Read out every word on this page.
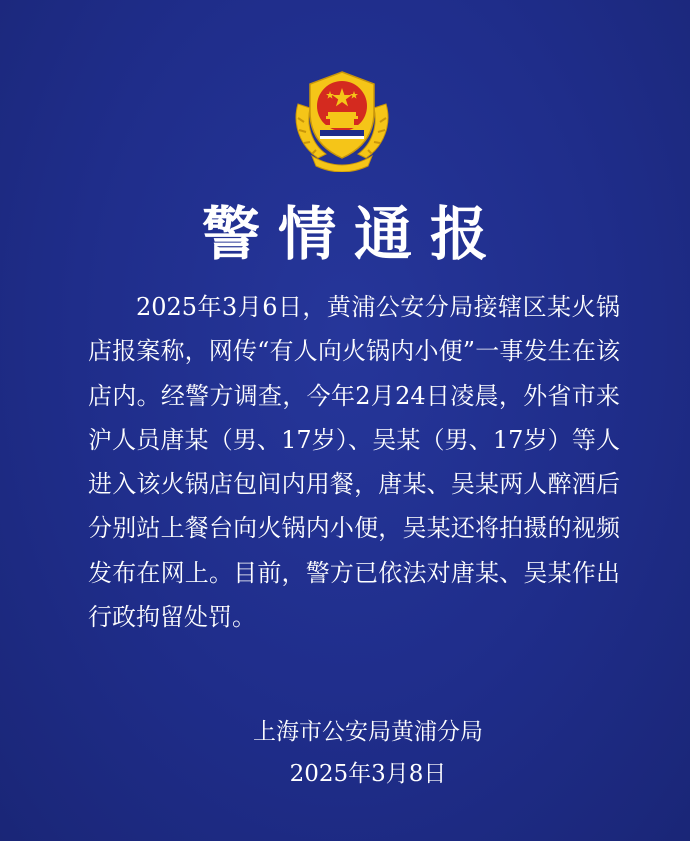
警情通报

2025年3月6日，黄浦公安分局接辖区某火锅店报案称，网传“有人向火锅内小便”一事发生在该店内。经警方调查，今年2月24日凌晨，外省市来沪人员唐某（男、17岁）、吴某（男、17岁）等人进入该火锅店包间内用餐，唐某、吴某两人醉酒后分别站上餐台向火锅内小便，吴某还将拍摄的视频发布在网上。目前，警方已依法对唐某、吴某作出行政拘留处罚。

上海市公安局黄浦分局
2025年3月8日
